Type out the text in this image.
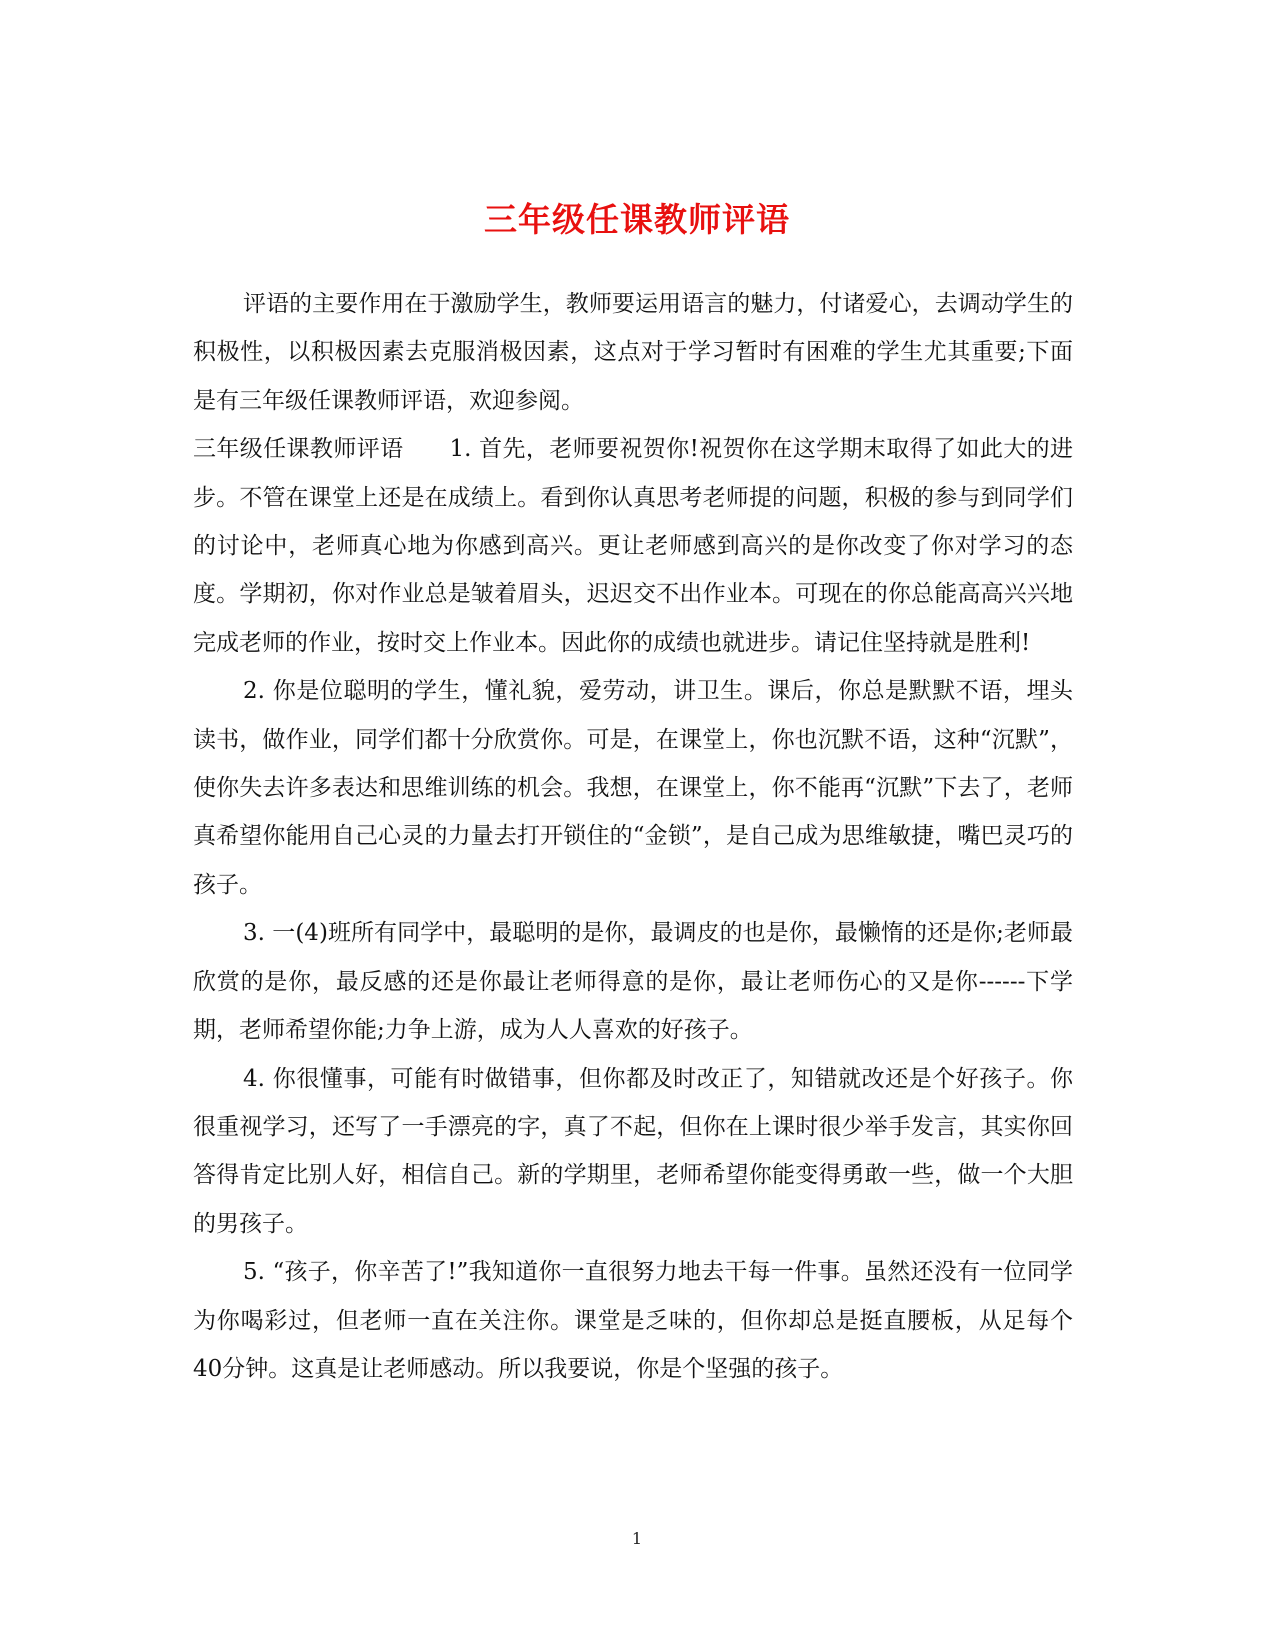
三年级任课教师评语

评语的主要作用在于激励学生，教师要运用语言的魅力，付诸爱心，去调动学生的积极性，以积极因素去克服消极因素，这点对于学习暂时有困难的学生尤其重要;下面是有三年级任课教师评语，欢迎参阅。

三年级任课教师评语 1. 首先，老师要祝贺你!祝贺你在这学期末取得了如此大的进步。不管在课堂上还是在成绩上。看到你认真思考老师提的问题，积极的参与到同学们的讨论中，老师真心地为你感到高兴。更让老师感到高兴的是你改变了你对学习的态度。学期初，你对作业总是皱着眉头，迟迟交不出作业本。可现在的你总能高高兴兴地完成老师的作业，按时交上作业本。因此你的成绩也就进步。请记住坚持就是胜利!

2. 你是位聪明的学生，懂礼貌，爱劳动，讲卫生。课后，你总是默默不语，埋头读书，做作业，同学们都十分欣赏你。可是，在课堂上，你也沉默不语，这种“沉默”，使你失去许多表达和思维训练的机会。我想，在课堂上，你不能再“沉默”下去了，老师真希望你能用自己心灵的力量去打开锁住的“金锁”，是自己成为思维敏捷，嘴巴灵巧的孩子。

3. 一(4)班所有同学中，最聪明的是你，最调皮的也是你，最懒惰的还是你;老师最欣赏的是你，最反感的还是你最让老师得意的是你，最让老师伤心的又是你------下学期，老师希望你能;力争上游，成为人人喜欢的好孩子。

4. 你很懂事，可能有时做错事，但你都及时改正了，知错就改还是个好孩子。你很重视学习，还写了一手漂亮的字，真了不起，但你在上课时很少举手发言，其实你回答得肯定比别人好，相信自己。新的学期里，老师希望你能变得勇敢一些，做一个大胆的男孩子。

5. “孩子，你辛苦了!”我知道你一直很努力地去干每一件事。虽然还没有一位同学为你喝彩过，但老师一直在关注你。课堂是乏味的，但你却总是挺直腰板，从足每个40分钟。这真是让老师感动。所以我要说，你是个坚强的孩子。

1
